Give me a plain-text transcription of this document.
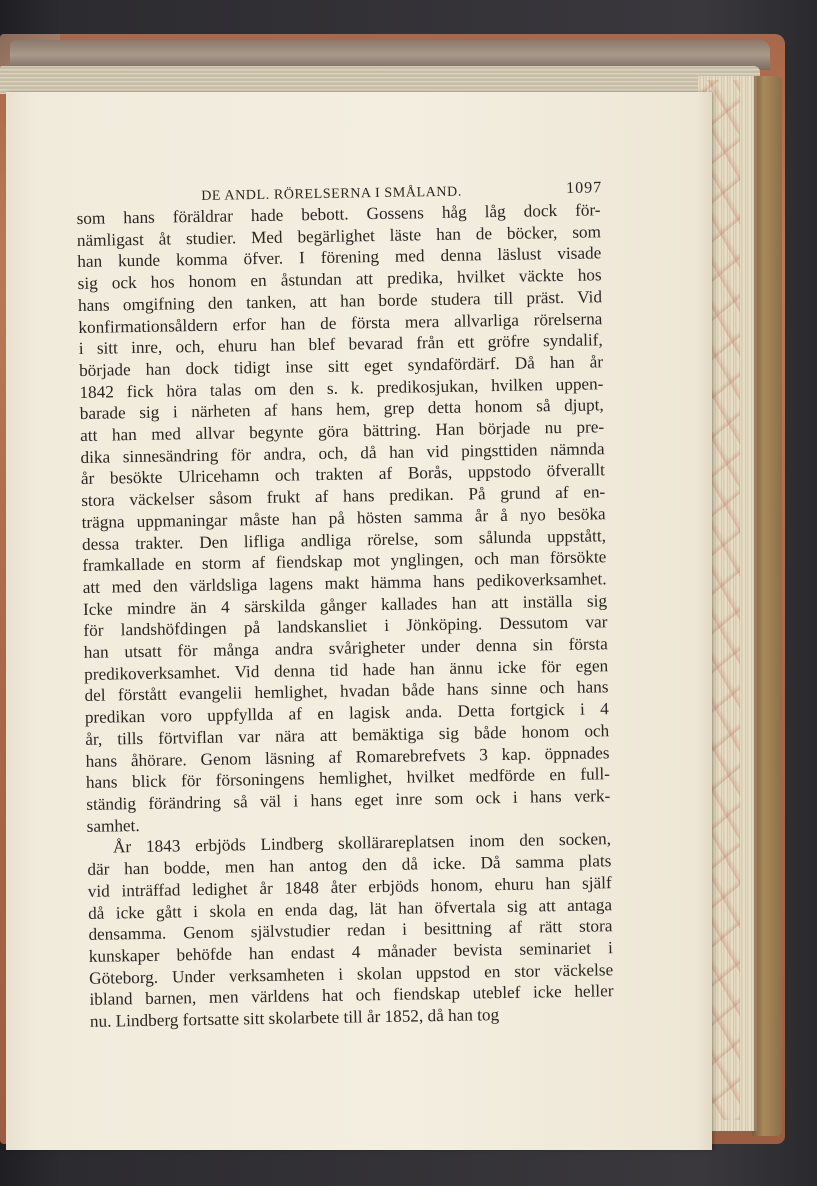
DE ANDL. RÖRELSERNA I SMÅLAND.	1097
som hans föräldrar hade bebott. Gossens håg låg dock för-
nämligast åt studier. Med begärlighet läste han de böcker, som
han kunde komma öfver. I förening med denna läslust visade
sig ock hos honom en åstundan att predika, hvilket väckte hos
hans omgifning den tanken, att han borde studera till präst. Vid
konfirmationsåldern erfor han de första mera allvarliga rörelserna
i sitt inre, och, ehuru han blef bevarad från ett gröfre syndalif,
började han dock tidigt inse sitt eget syndafördärf. Då han år
1842 fick höra talas om den s. k. predikosjukan, hvilken uppen-
barade sig i närheten af hans hem, grep detta honom så djupt,
att han med allvar begynte göra bättring. Han började nu pre-
dika sinnesändring för andra, och, då han vid pingsttiden nämnda
år besökte Ulricehamn och trakten af Borås, uppstodo öfverallt
stora väckelser såsom frukt af hans predikan. På grund af en-
trägna uppmaningar måste han på hösten samma år å nyo besöka
dessa trakter. Den lifliga andliga rörelse, som sålunda uppstått,
framkallade en storm af fiendskap mot ynglingen, och man försökte
att med den världsliga lagens makt hämma hans pedikoverksamhet.
Icke mindre än 4 särskilda gånger kallades han att inställa sig
för landshöfdingen på landskansliet i Jönköping. Dessutom var
han utsatt för många andra svårigheter under denna sin första
predikoverksamhet. Vid denna tid hade han ännu icke för egen
del förstått evangelii hemlighet, hvadan både hans sinne och hans
predikan voro uppfyllda af en lagisk anda. Detta fortgick i 4
år, tills förtviflan var nära att bemäktiga sig både honom och
hans åhörare. Genom läsning af Romarebrefvets 3 kap. öppnades
hans blick för försoningens hemlighet, hvilket medförde en full-
ständig förändring så väl i hans eget inre som ock i hans verk-
samhet.
År 1843 erbjöds Lindberg skollärareplatsen inom den socken,
där han bodde, men han antog den då icke. Då samma plats
vid inträffad ledighet år 1848 åter erbjöds honom, ehuru han själf
då icke gått i skola en enda dag, lät han öfvertala sig att antaga
densamma. Genom självstudier redan i besittning af rätt stora
kunskaper behöfde han endast 4 månader bevista seminariet i
Göteborg. Under verksamheten i skolan uppstod en stor väckelse
ibland barnen, men världens hat och fiendskap uteblef icke heller
nu. Lindberg fortsatte sitt skolarbete till år 1852, då han tog
